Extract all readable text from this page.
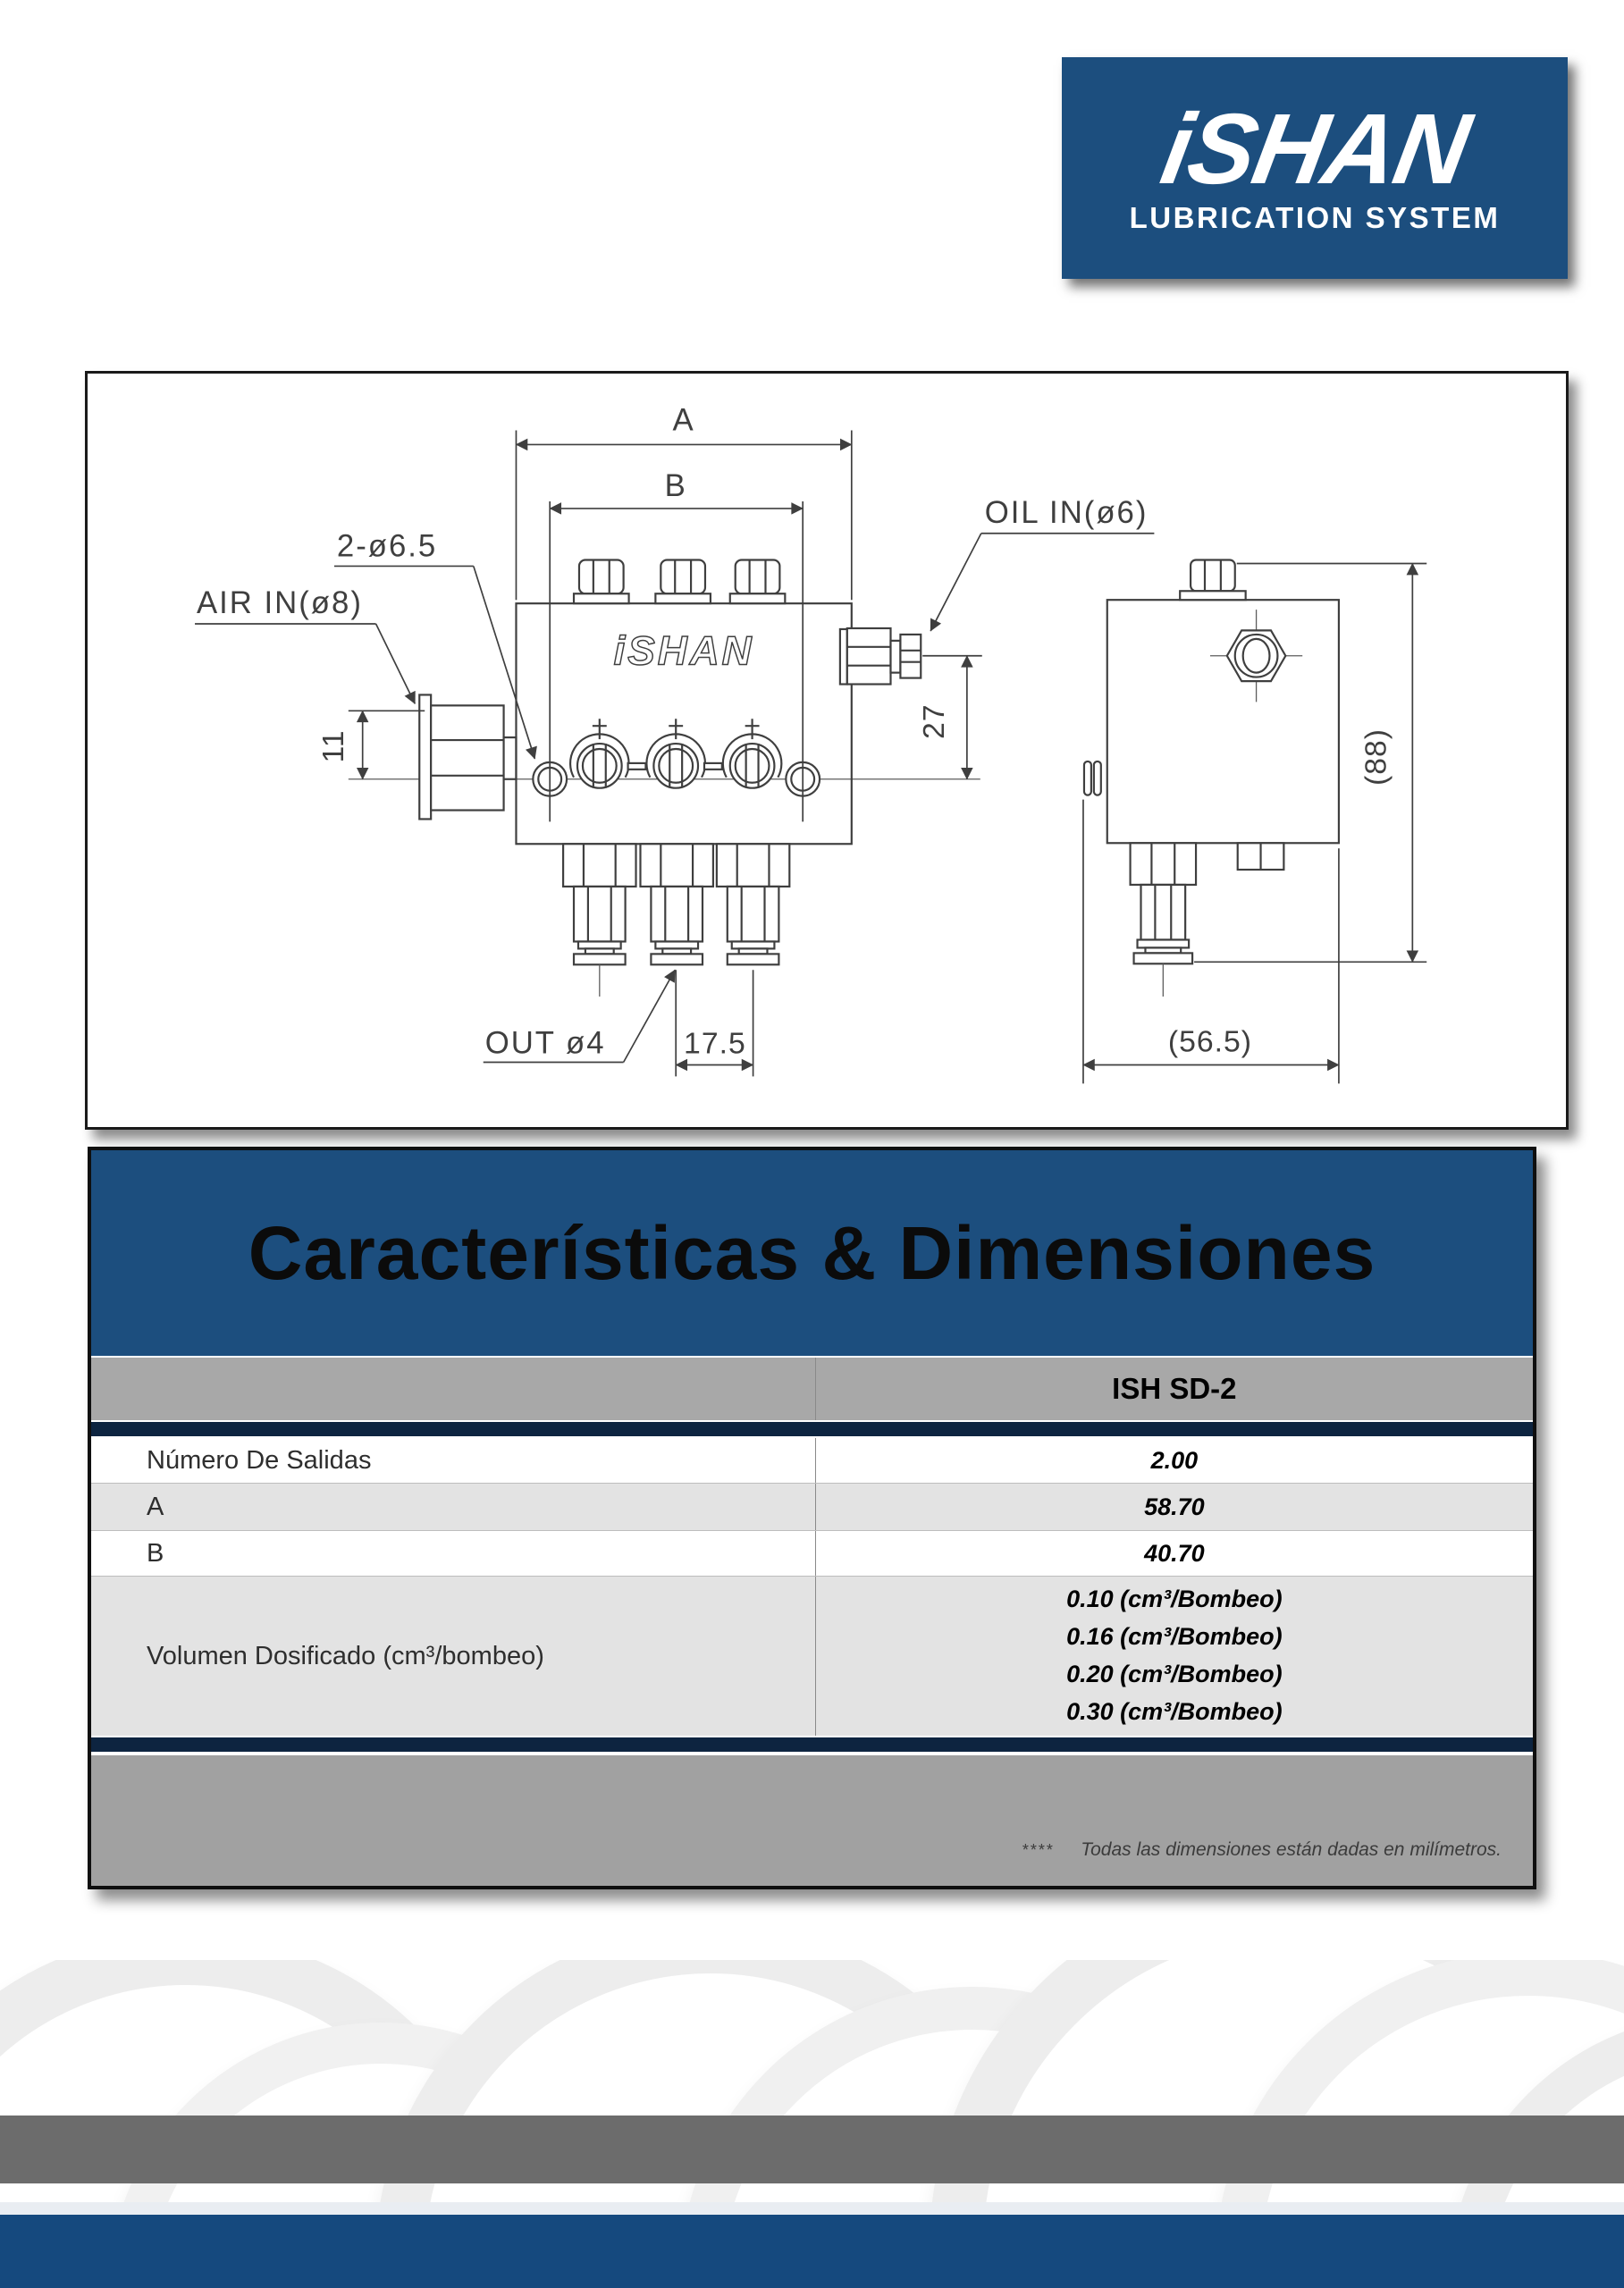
iSHAN
LUBRICATION SYSTEM
iSHAN
A
B
2-ø6.5
AIR IN(ø8)
OIL IN(ø6)
OUT ø4
11
27
17.5
(88)
(56.5)
Características & Dimensiones
ISH SD-2
Número De Salidas	2.00
A	58.70
B	40.70
Volumen Dosificado (cm³/bombeo)
0.10 (cm³/Bombeo)
0.16 (cm³/Bombeo)
0.20 (cm³/Bombeo)
0.30 (cm³/Bombeo)
**** Todas las dimensiones están dadas en milímetros.
